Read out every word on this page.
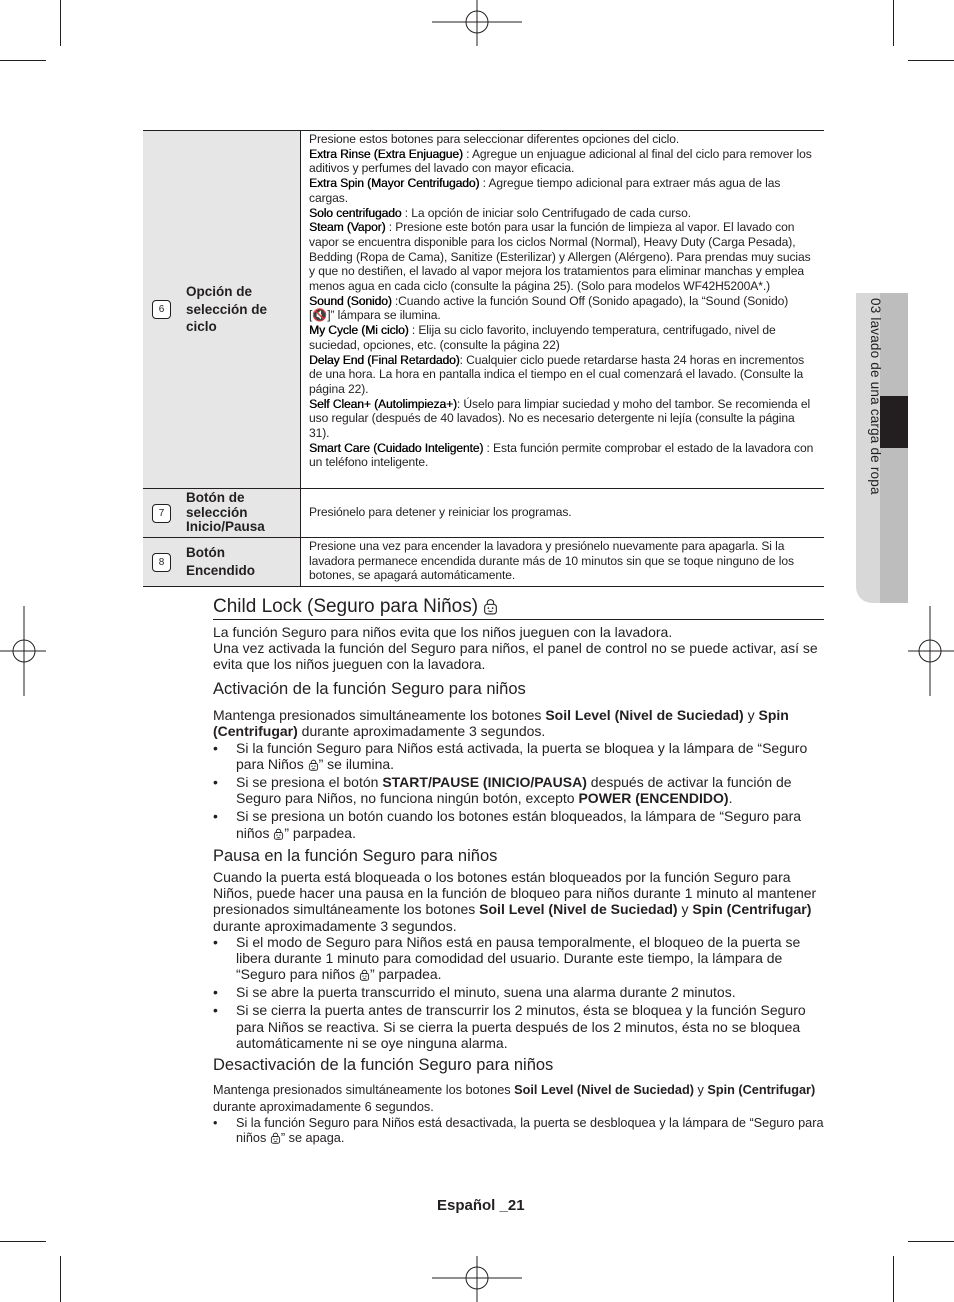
03 lavado de una carga de ropa
6
Opción de selección de ciclo

Presione estos botones para seleccionar diferentes opciones del ciclo.

Extra Rinse (Extra Enjuague) : Agregue un enjuague adicional al final del ciclo para remover los aditivos y perfumes del lavado con mayor eficacia.

Extra Spin (Mayor Centrifugado) : Agregue tiempo adicional para extraer más agua de las cargas.

Solo centrifugado : La opción de iniciar solo Centrifugado de cada curso.

Steam (Vapor) : Presione este botón para usar la función de limpieza al vapor. El lavado con vapor se encuentra disponible para los ciclos Normal (Normal), Heavy Duty (Carga Pesada), Bedding (Ropa de Cama), Sanitize (Esterilizar) y Allergen (Alérgeno). Para prendas muy sucias y que no destiñen, el lavado al vapor mejora los tratamientos para eliminar manchas y emplea menos agua en cada ciclo (consulte la página 25). (Solo para modelos WF42H5200A*.)

Sound (Sonido) :Cuando active la función Sound Off (Sonido apagado), la “Sound (Sonido) [🔇]” lámpara se ilumina.

My Cycle (Mi ciclo) : Elija su ciclo favorito, incluyendo temperatura, centrifugado, nivel de suciedad, opciones, etc. (consulte la página 22)

Delay End (Final Retardado): Cualquier ciclo puede retardarse hasta 24 horas en incrementos de una hora. La hora en pantalla indica el tiempo en el cual comenzará el lavado. (Consulte la página 22).

Self Clean+ (Autolimpieza+): Úselo para limpiar suciedad y moho del tambor. Se recomienda el uso regular (después de 40 lavados). No es necesario detergente ni lejía (consulte la página 31).

Smart Care (Cuidado Inteligente) : Esta función permite comprobar el estado de la lavadora con un teléfono inteligente.

7
Botón de selección Inicio/Pausa

Presiónelo para detener y reiniciar los programas.

8
Botón Encendido

Presione una vez para encender la lavadora y presiónelo nuevamente para apagarla. Si la lavadora permanece encendida durante más de 10 minutos sin que se toque ninguno de los botones, se apagará automáticamente.

Child Lock (Seguro para Niños)
La función Seguro para niños evita que los niños jueguen con la lavadora.
Una vez activada la función del Seguro para niños, el panel de control no se puede activar, así se evita que los niños jueguen con la lavadora.
Activación de la función Seguro para niños
Mantenga presionados simultáneamente los botones Soil Level (Nivel de Suciedad) y Spin (Centrifugar) durante aproximadamente 3 segundos.
• Si la función Seguro para Niños está activada, la puerta se bloquea y la lámpara de “Seguro para Niños ” se ilumina.
• Si se presiona el botón START/PAUSE (INICIO/PAUSA) después de activar la función de Seguro para Niños, no funciona ningún botón, excepto POWER (ENCENDIDO).
• Si se presiona un botón cuando los botones están bloqueados, la lámpara de “Seguro para niños ” parpadea.
Pausa en la función Seguro para niños
Cuando la puerta está bloqueada o los botones están bloqueados por la función Seguro para Niños, puede hacer una pausa en la función de bloqueo para niños durante 1 minuto al mantener presionados simultáneamente los botones Soil Level (Nivel de Suciedad) y Spin (Centrifugar) durante aproximadamente 3 segundos.
• Si el modo de Seguro para Niños está en pausa temporalmente, el bloqueo de la puerta se libera durante 1 minuto para comodidad del usuario. Durante este tiempo, la lámpara de “Seguro para niños ” parpadea.
• Si se abre la puerta transcurrido el minuto, suena una alarma durante 2 minutos.
• Si se cierra la puerta antes de transcurrir los 2 minutos, ésta se bloquea y la función Seguro para Niños se reactiva. Si se cierra la puerta después de los 2 minutos, ésta no se bloquea automáticamente ni se oye ninguna alarma.
Desactivación de la función Seguro para niños
Mantenga presionados simultáneamente los botones Soil Level (Nivel de Suciedad) y Spin (Centrifugar) durante aproximadamente 6 segundos.
• Si la función Seguro para Niños está desactivada, la puerta se desbloquea y la lámpara de “Seguro para niños ” se apaga.
Español _21
